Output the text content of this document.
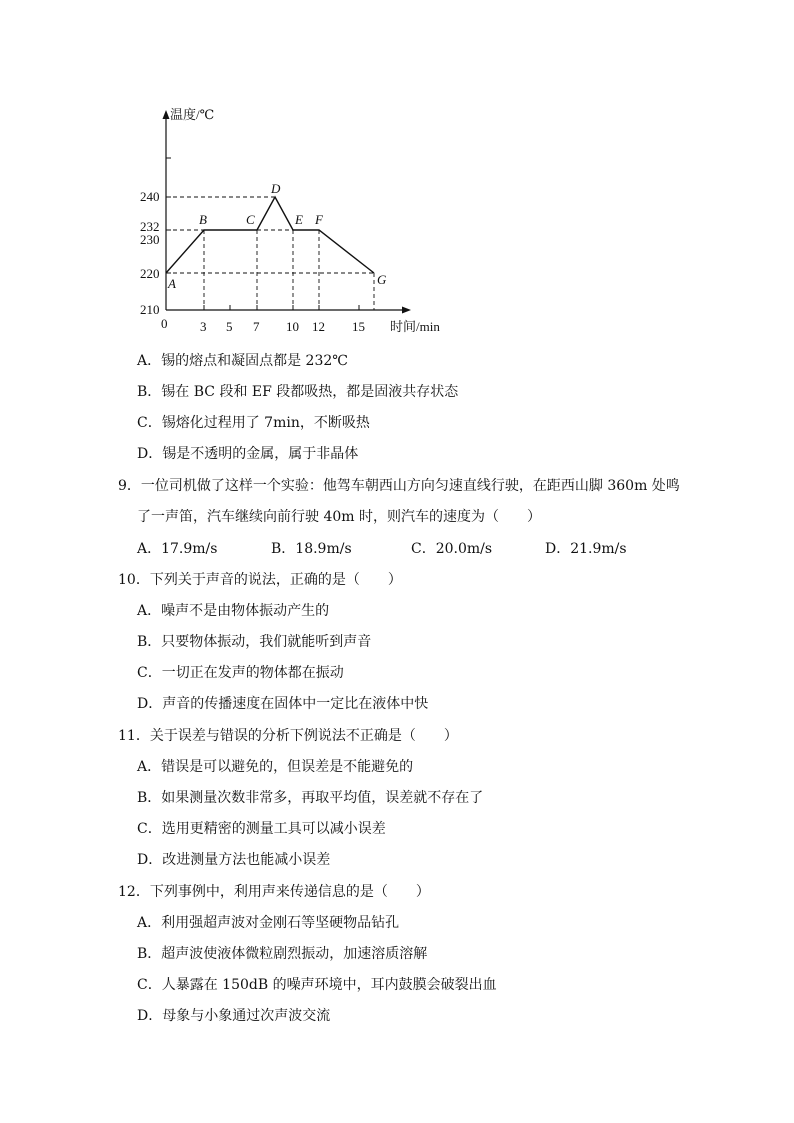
温度/℃
时间/min
210
220
230
232
240
0	3 5 7 10 12 15
A
B	C
D
E F
G
A．锡的熔点和凝固点都是 232℃
B．锡在 BC 段和 EF 段都吸热，都是固液共存状态
C．锡熔化过程用了 7min，不断吸热
D．锡是不透明的金属，属于非晶体
9．一位司机做了这样一个实验：他驾车朝西山方向匀速直线行驶，在距西山脚 360m 处鸣
了一声笛，汽车继续向前行驶 40m 时，则汽车的速度为（　　）
A．17.9m/s	B．18.9m/s	C．20.0m/s	D．21.9m/s
10．下列关于声音的说法，正确的是（　　）
A．噪声不是由物体振动产生的
B．只要物体振动，我们就能听到声音
C．一切正在发声的物体都在振动
D．声音的传播速度在固体中一定比在液体中快
11．关于误差与错误的分析下例说法不正确是（　　）
A．错误是可以避免的，但误差是不能避免的
B．如果测量次数非常多，再取平均值，误差就不存在了
C．选用更精密的测量工具可以减小误差
D．改进测量方法也能减小误差
12．下列事例中，利用声来传递信息的是（　　）
A．利用强超声波对金刚石等坚硬物品钻孔
B．超声波使液体微粒剧烈振动，加速溶质溶解
C．人暴露在 150dB 的噪声环境中，耳内鼓膜会破裂出血
D．母象与小象通过次声波交流
